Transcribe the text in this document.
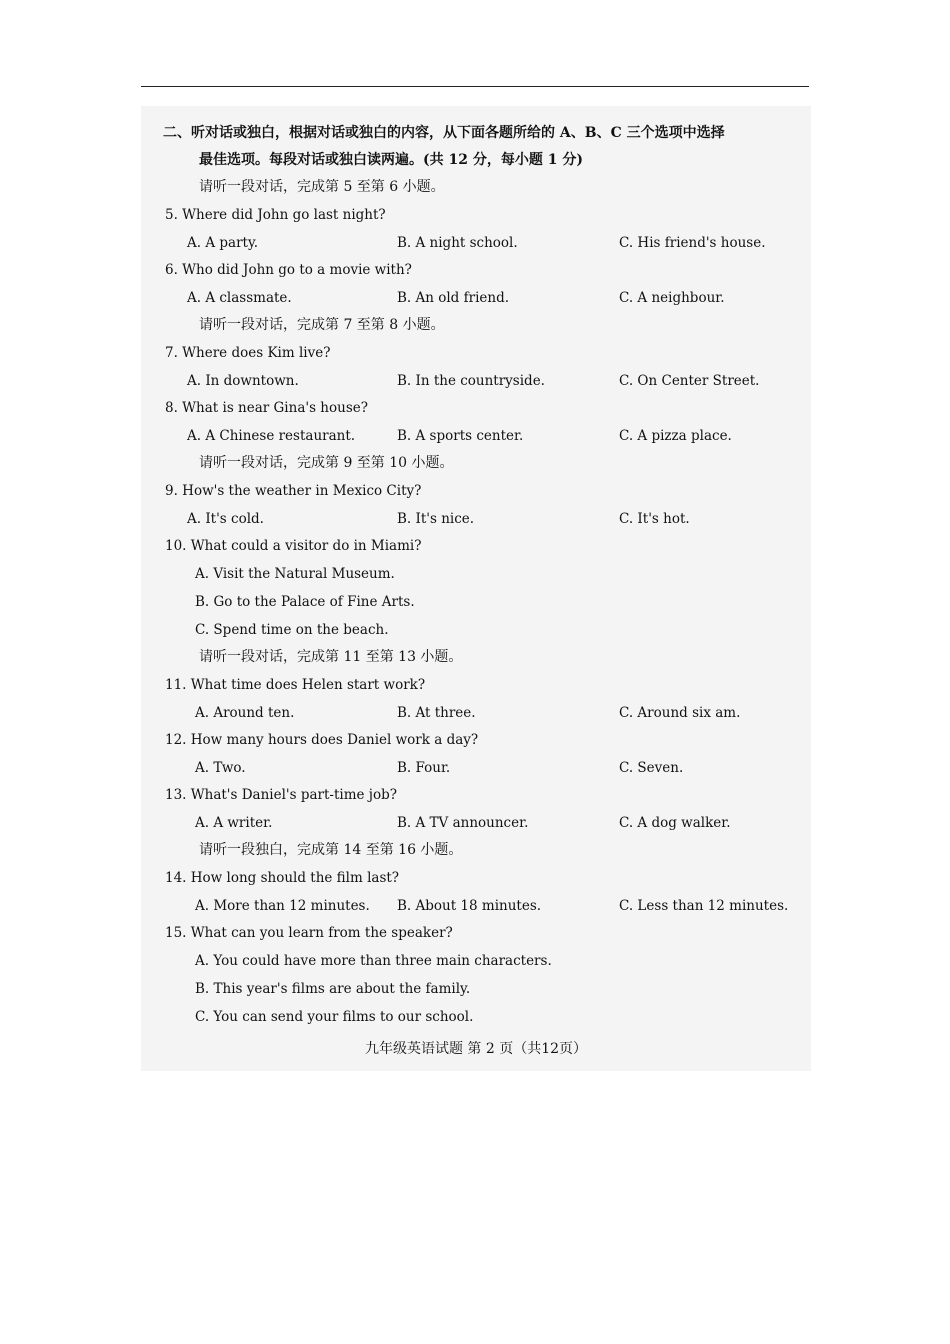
二、听对话或独白，根据对话或独白的内容，从下面各题所给的 A、B、C 三个选项中选择
最佳选项。每段对话或独白读两遍。(共 12 分，每小题 1 分)
请听一段对话，完成第 5 至第 6 小题。
5. Where did John go last night?
A. A party.	B. A night school.	C. His friend's house.
6. Who did John go to a movie with?
A. A classmate.	B. An old friend.	C. A neighbour.
请听一段对话，完成第 7 至第 8 小题。
7. Where does Kim live?
A. In downtown.	B. In the countryside.	C. On Center Street.
8. What is near Gina's house?
A. A Chinese restaurant.	B. A sports center.	C. A pizza place.
请听一段对话，完成第 9 至第 10 小题。
9. How's the weather in Mexico City?
A. It's cold.	B. It's nice.	C. It's hot.
10. What could a visitor do in Miami?
A. Visit the Natural Museum.
B. Go to the Palace of Fine Arts.
C. Spend time on the beach.
请听一段对话，完成第 11 至第 13 小题。
11. What time does Helen start work?
A. Around ten.	B. At three.	C. Around six am.
12. How many hours does Daniel work a day?
A. Two.	B. Four.	C. Seven.
13. What's Daniel's part-time job?
A. A writer.	B. A TV announcer.	C. A dog walker.
请听一段独白，完成第 14 至第 16 小题。
14. How long should the film last?
A. More than 12 minutes. B. About 18 minutes.	C. Less than 12 minutes.
15. What can you learn from the speaker?
A. You could have more than three main characters.
B. This year's films are about the family.
C. You can send your films to our school.
九年级英语试题 第 2 页（共12页）
